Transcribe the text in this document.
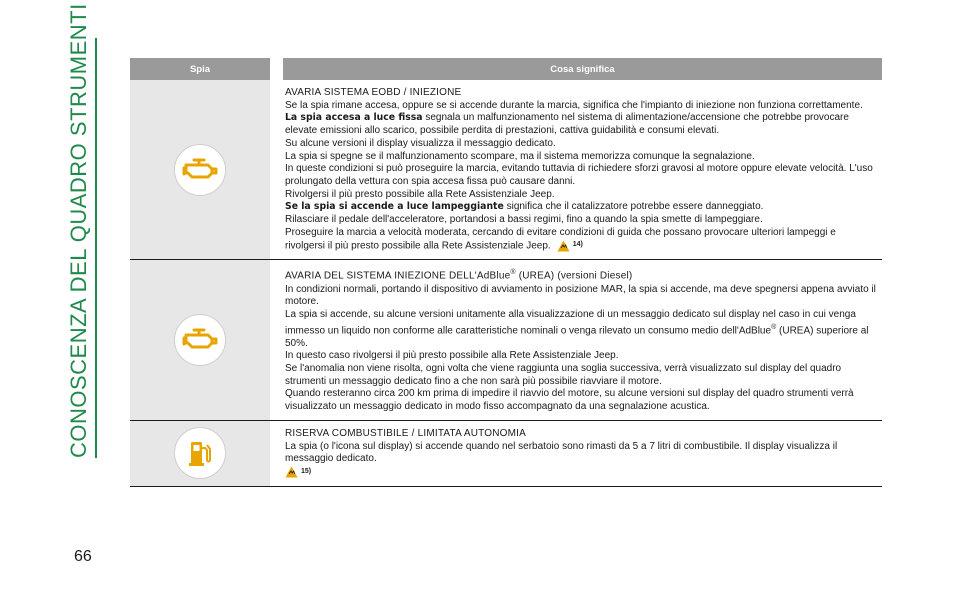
CONOSCENZA DEL QUADRO STRUMENTI
66
Spia	Cosa significa

AVARIA SISTEMA EOBD / INIEZIONE

Se la spia rimane accesa, oppure se si accende durante la marcia, significa che l'impianto di iniezione non funziona correttamente.

La spia accesa a luce fissa segnala un malfunzionamento nel sistema di alimentazione/accensione che potrebbe provocare elevate emissioni allo scarico, possibile perdita di prestazioni, cattiva guidabilità e consumi elevati.

Su alcune versioni il display visualizza il messaggio dedicato.

La spia si spegne se il malfunzionamento scompare, ma il sistema memorizza comunque la segnalazione.

In queste condizioni si può proseguire la marcia, evitando tuttavia di richiedere sforzi gravosi al motore oppure elevate velocità. L'uso prolungato della vettura con spia accesa fissa può causare danni.

Rivolgersi il più presto possibile alla Rete Assistenziale Jeep.

Se la spia si accende a luce lampeggiante significa che il catalizzatore potrebbe essere danneggiato.

Rilasciare il pedale dell'acceleratore, portandosi a bassi regimi, fino a quando la spia smette di lampeggiare.

Proseguire la marcia a velocità moderata, cercando di evitare condizioni di guida che possano provocare ulteriori lampeggi e rivolgersi il più presto possibile alla Rete Assistenziale Jeep.	14)

AVARIA DEL SISTEMA INIEZIONE DELL'AdBlue® (UREA) (versioni Diesel)

In condizioni normali, portando il dispositivo di avviamento in posizione MAR, la spia si accende, ma deve spegnersi appena avviato il motore.

La spia si accende, su alcune versioni unitamente alla visualizzazione di un messaggio dedicato sul display nel caso in cui venga immesso un liquido non conforme alle caratteristiche nominali o venga rilevato un consumo medio dell'AdBlue® (UREA) superiore al 50%.

In questo caso rivolgersi il più presto possibile alla Rete Assistenziale Jeep.

Se l'anomalia non viene risolta, ogni volta che viene raggiunta una soglia successiva, verrà visualizzato sul display del quadro strumenti un messaggio dedicato fino a che non sarà più possibile riavviare il motore.

Quando resteranno circa 200 km prima di impedire il riavvio del motore, su alcune versioni sul display del quadro strumenti verrà visualizzato un messaggio dedicato in modo fisso accompagnato da una segnalazione acustica.

RISERVA COMBUSTIBILE / LIMITATA AUTONOMIA

La spia (o l'icona sul display) si accende quando nel serbatoio sono rimasti da 5 a 7 litri di combustibile. Il display visualizza il messaggio dedicato.

15)
